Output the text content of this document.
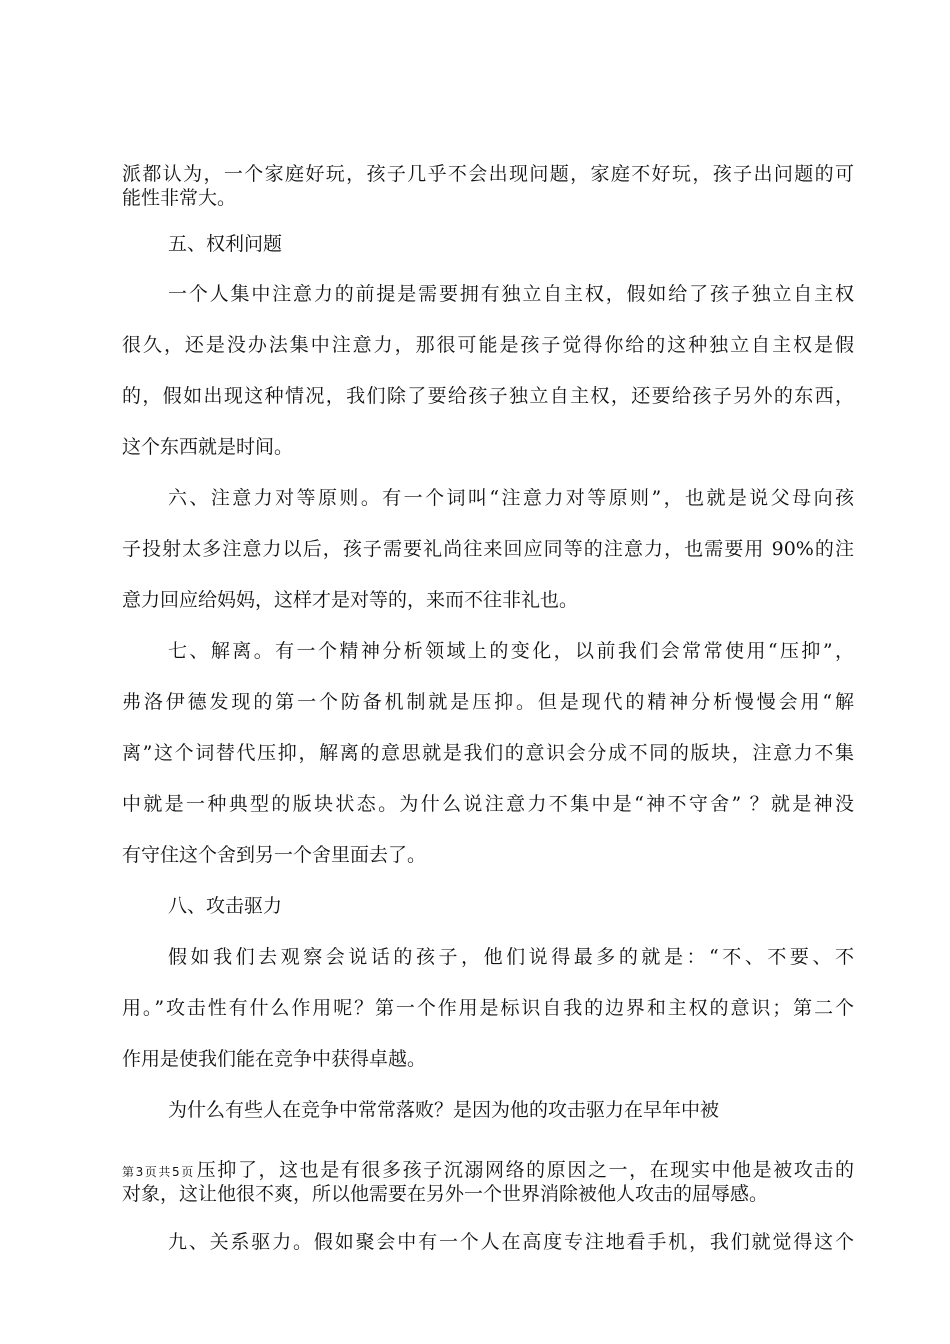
派都认为，一个家庭好玩，孩子几乎不会出现问题，家庭不好玩，孩子出问题的可
能性非常大。
五、权利问题
一个人集中注意力的前提是需要拥有独立自主权，假如给了孩子独立自主权
很久，还是没办法集中注意力，那很可能是孩子觉得你给的这种独立自主权是假
的，假如出现这种情况，我们除了要给孩子独立自主权，还要给孩子另外的东西，
这个东西就是时间。
六、注意力对等原则。有一个词叫“注意力对等原则”，也就是说父母向孩
子投射太多注意力以后，孩子需要礼尚往来回应同等的注意力，也需要用 90%的注
意力回应给妈妈，这样才是对等的，来而不往非礼也。
七、解离。有一个精神分析领域上的变化，以前我们会常常使用“压抑”，
弗洛伊德发现的第一个防备机制就是压抑。但是现代的精神分析慢慢会用“解
离”这个词替代压抑，解离的意思就是我们的意识会分成不同的版块，注意力不集
中就是一种典型的版块状态。为什么说注意力不集中是“神不守舍” ？就是神没
有守住这个舍到另一个舍里面去了。
八、攻击驱力
假如我们去观察会说话的孩子，他们说得最多的就是：“不、不要、不
用。”攻击性有什么作用呢？第一个作用是标识自我的边界和主权的意识；第二个
作用是使我们能在竞争中获得卓越。
为什么有些人在竞争中常常落败？是因为他的攻击驱力在早年中被
第3页共5页 压抑了，这也是有很多孩子沉溺网络的原因之一，在现实中他是被攻击的
对象，这让他很不爽，所以他需要在另外一个世界消除被他人攻击的屈辱感。
九、关系驱力。假如聚会中有一个人在高度专注地看手机，我们就觉得这个
